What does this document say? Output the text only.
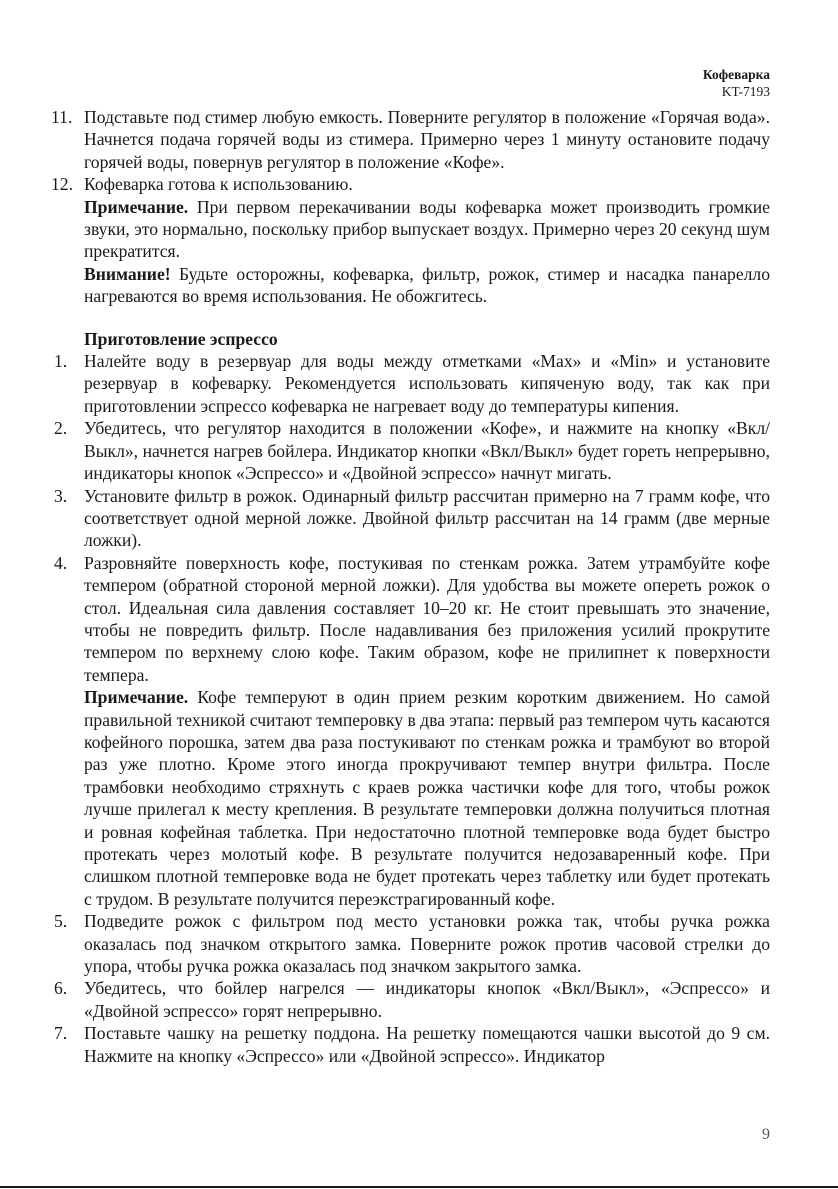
Кофеварка
KT-7193
11. Подставьте под стимер любую емкость. Поверните регулятор в положение «Горячая вода». Начнется подача горячей воды из стимера. Примерно через 1 минуту остановите подачу горячей воды, повернув регулятор в положение «Кофе».
12. Кофеварка готова к использованию.
Примечание. При первом перекачивании воды кофеварка может производить громкие звуки, это нормально, поскольку прибор выпускает воздух. Примерно через 20 секунд шум прекратится.
Внимание! Будьте осторожны, кофеварка, фильтр, рожок, стимер и насадка панарелло нагреваются во время использования. Не обожгитесь.
Приготовление эспрессо
1. Налейте воду в резервуар для воды между отметками «Max» и «Min» и установите резервуар в кофеварку. Рекомендуется использовать кипяченую воду, так как при приготовлении эспрессо кофеварка не нагревает воду до температуры кипения.
2. Убедитесь, что регулятор находится в положении «Кофе», и нажмите на кнопку «Вкл/Выкл», начнется нагрев бойлера. Индикатор кнопки «Вкл/Выкл» будет гореть непрерывно, индикаторы кнопок «Эспрессо» и «Двойной эспрессо» начнут мигать.
3. Установите фильтр в рожок. Одинарный фильтр рассчитан примерно на 7 грамм кофе, что соответствует одной мерной ложке. Двойной фильтр рассчитан на 14 грамм (две мерные ложки).
4. Разровняйте поверхность кофе, постукивая по стенкам рожка. Затем утрамбуйте кофе темпером (обратной стороной мерной ложки). Для удобства вы можете опереть рожок о стол. Идеальная сила давления составляет 10–20 кг. Не стоит превышать это значение, чтобы не повредить фильтр. После надавливания без приложения усилий прокрутите темпером по верхнему слою кофе. Таким образом, кофе не прилипнет к поверхности темпера.
Примечание. Кофе темперуют в один прием резким коротким движением. Но самой правильной техникой считают темперовку в два этапа: первый раз темпером чуть касаются кофейного порошка, затем два раза постукивают по стенкам рожка и трамбуют во второй раз уже плотно. Кроме этого иногда прокручивают темпер внутри фильтра. После трамбовки необходимо стряхнуть с краев рожка частички кофе для того, чтобы рожок лучше прилегал к месту крепления. В результате темперовки должна получиться плотная и ровная кофейная таблетка. При недостаточно плотной темперовке вода будет быстро протекать через молотый кофе. В результате получится недозаваренный кофе. При слишком плотной темперовке вода не будет протекать через таблетку или будет протекать с трудом. В результате получится переэкстрагированный кофе.
5. Подведите рожок с фильтром под место установки рожка так, чтобы ручка рожка оказалась под значком открытого замка. Поверните рожок против часовой стрелки до упора, чтобы ручка рожка оказалась под значком закрытого замка.
6. Убедитесь, что бойлер нагрелся — индикаторы кнопок «Вкл/Выкл», «Эспрессо» и «Двойной эспрессо» горят непрерывно.
7. Поставьте чашку на решетку поддона. На решетку помещаются чашки высотой до 9 см. Нажмите на кнопку «Эспрессо» или «Двойной эспрессо». Индикатор
9
